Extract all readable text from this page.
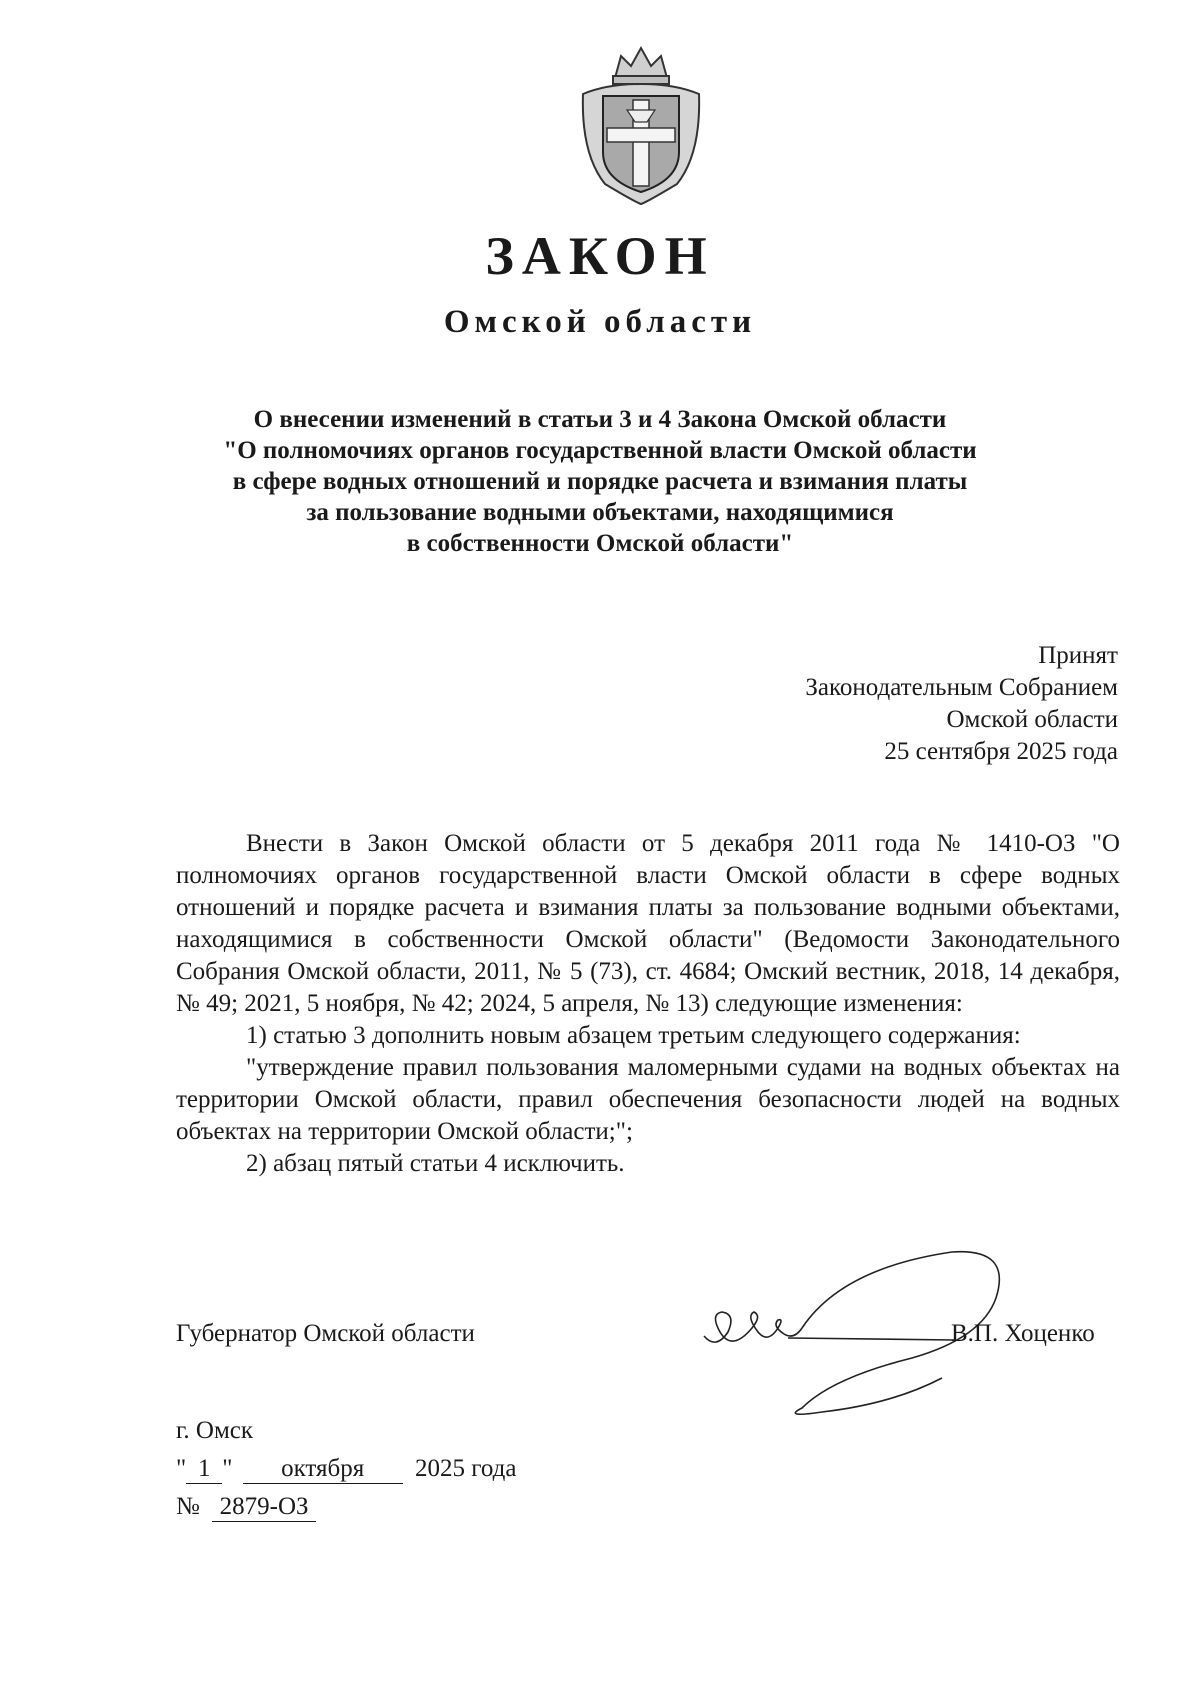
ЗАКОН
Омской области
О внесении изменений в статьи 3 и 4 Закона Омской области
"О полномочиях органов государственной власти Омской области
в сфере водных отношений и порядке расчета и взимания платы
за пользование водными объектами, находящимися
в собственности Омской области"
Принят
Законодательным Собранием
Омской области
25 сентября 2025 года

Внести в Закон Омской области от 5 декабря 2011 года № 1410-ОЗ "О полномочиях органов государственной власти Омской области в сфере водных отношений и порядке расчета и взимания платы за пользование водными объектами, находящимися в собственности Омской области" (Ведомости Законодательного Собрания Омской области, 2011, № 5 (73), ст. 4684; Омский вестник, 2018, 14 декабря, № 49; 2021, 5 ноября, № 42; 2024, 5 апреля, № 13) следующие изменения:

1) статью 3 дополнить новым абзацем третьим следующего содержания:

"утверждение правил пользования маломерными судами на водных объектах на территории Омской области, правил обеспечения безопасности людей на водных объектах на территории Омской области;";

2) абзац пятый статьи 4 исключить.

Губернатор Омской области	В.П. Хоценко
г. Омск
" 1 " октября 2025 года
№ 2879-ОЗ
